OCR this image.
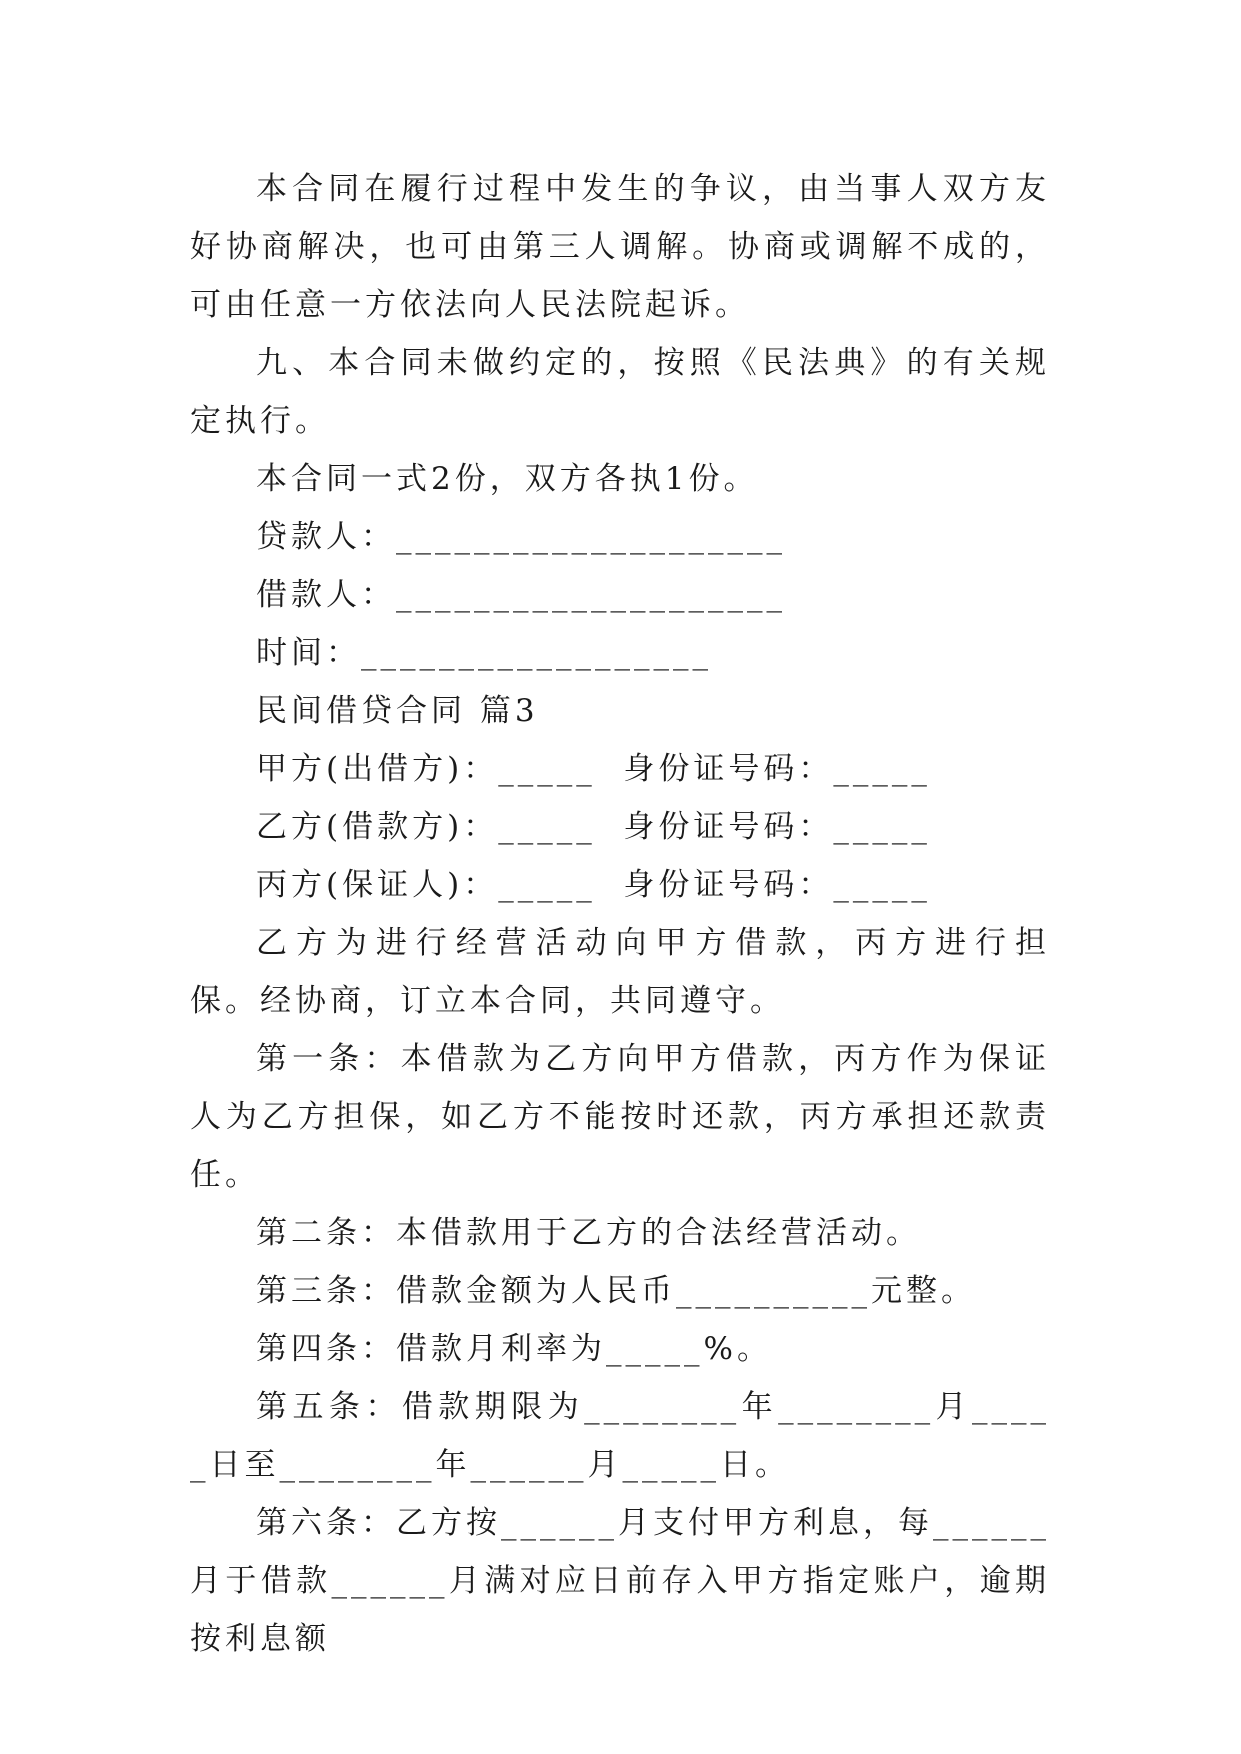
本合同在履行过程中发生的争议，由当事人双方友好协商解决，也可由第三人调解。协商或调解不成的，可由任意一方依法向人民法院起诉。

九、本合同未做约定的，按照《民法典》的有关规定执行。

本合同一式2份，双方各执1份。

贷款人：____________________

借款人：____________________

时间：__________________

民间借贷合同 篇3

甲方(出借方)：_____  身份证号码：_____

乙方(借款方)：_____  身份证号码：_____

丙方(保证人)：_____  身份证号码：_____

乙方为进行经营活动向甲方借款，丙方进行担　保。经协商，订立本合同，共同遵守。

第一条：本借款为乙方向甲方借款，丙方作为保证人为乙方担保，如乙方不能按时还款，丙方承担还款责任。

第二条：本借款用于乙方的合法经营活动。

第三条：借款金额为人民币__________元整。

第四条：借款月利率为_____%。

第五条：借款期限为________年________月_____日至________年______月_____日。

第六条：乙方按______月支付甲方利息，每______月于借款______月满对应日前存入甲方指定账户，逾期按利息额
